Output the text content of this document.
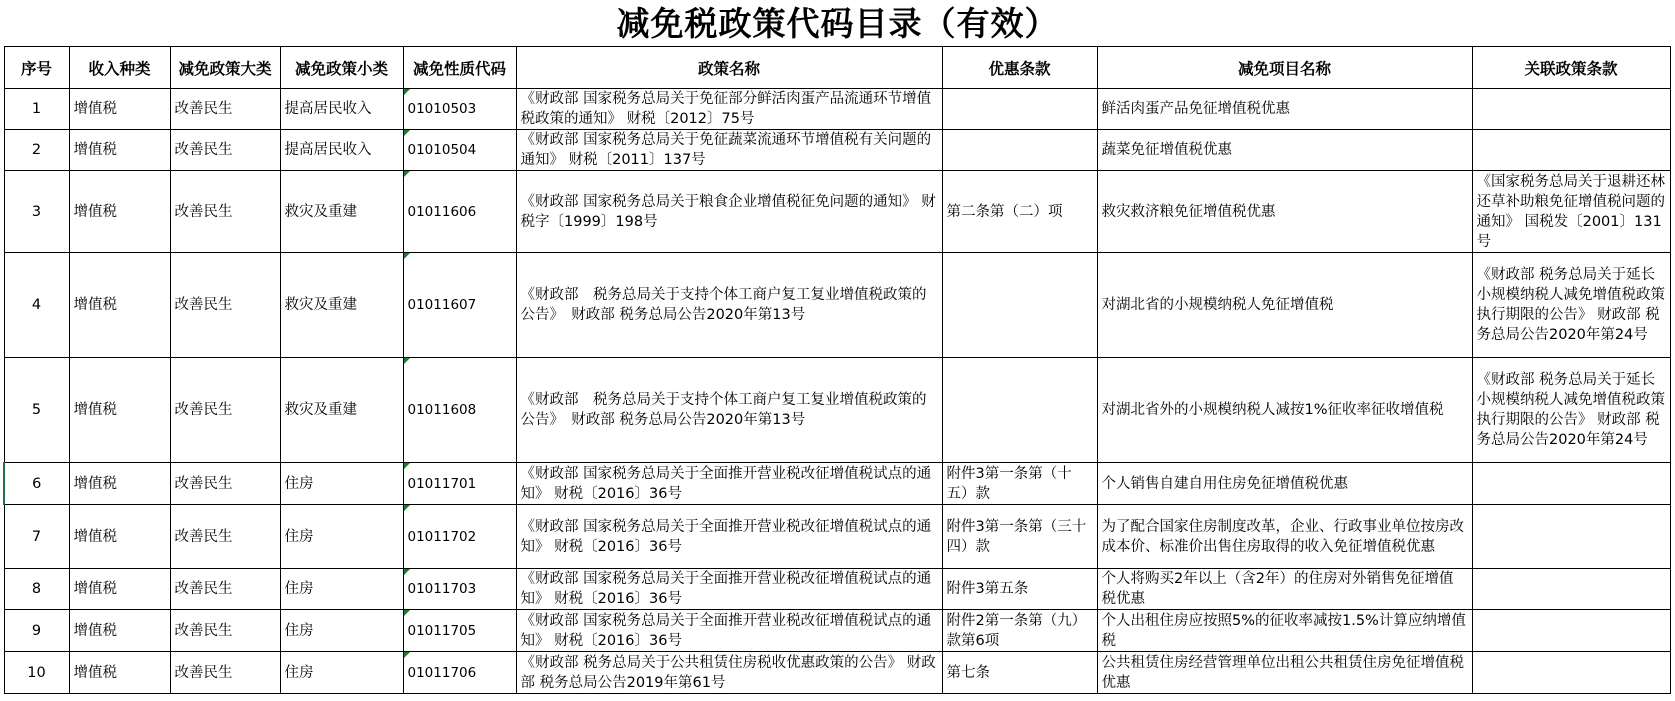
减免税政策代码目录（有效）
序号	收入种类	减免政策大类	减免政策小类	减免性质代码	政策名称	优惠条款	减免项目名称	关联政策条款
1	增值税	改善民生	提高居民收入	01010503	《财政部 国家税务总局关于免征部分鲜活肉蛋产品流通环节增值税政策的通知》 财税〔2012〕75号		鲜活肉蛋产品免征增值税优惠	
2	增值税	改善民生	提高居民收入	01010504	《财政部 国家税务总局关于免征蔬菜流通环节增值税有关问题的通知》 财税〔2011〕137号		蔬菜免征增值税优惠	
3	增值税	改善民生	救灾及重建	01011606	《财政部 国家税务总局关于粮食企业增值税征免问题的通知》 财税字〔1999〕198号	第二条第（二）项	救灾救济粮免征增值税优惠	《国家税务总局关于退耕还林还草补助粮免征增值税问题的通知》 国税发〔2001〕131号
4	增值税	改善民生	救灾及重建	01011607	《财政部　税务总局关于支持个体工商户复工复业增值税政策的公告》　财政部 税务总局公告2020年第13号		对湖北省的小规模纳税人免征增值税	《财政部 税务总局关于延长小规模纳税人减免增值税政策执行期限的公告》 财政部 税务总局公告2020年第24号
5	增值税	改善民生	救灾及重建	01011608	《财政部　税务总局关于支持个体工商户复工复业增值税政策的公告》　财政部 税务总局公告2020年第13号		对湖北省外的小规模纳税人减按1%征收率征收增值税	《财政部 税务总局关于延长小规模纳税人减免增值税政策执行期限的公告》 财政部 税务总局公告2020年第24号
6	增值税	改善民生	住房	01011701	《财政部 国家税务总局关于全面推开营业税改征增值税试点的通知》 财税〔2016〕36号	附件3第一条第（十五）款	个人销售自建自用住房免征增值税优惠	
7	增值税	改善民生	住房	01011702	《财政部 国家税务总局关于全面推开营业税改征增值税试点的通知》 财税〔2016〕36号	附件3第一条第（三十四）款	为了配合国家住房制度改革，企业、行政事业单位按房改成本价、标准价出售住房取得的收入免征增值税优惠	
8	增值税	改善民生	住房	01011703	《财政部 国家税务总局关于全面推开营业税改征增值税试点的通知》 财税〔2016〕36号	附件3第五条	个人将购买2年以上（含2年）的住房对外销售免征增值税优惠	
9	增值税	改善民生	住房	01011705	《财政部 国家税务总局关于全面推开营业税改征增值税试点的通知》 财税〔2016〕36号	附件2第一条第（九）款第6项	个人出租住房应按照5%的征收率减按1.5%计算应纳增值税	
10	增值税	改善民生	住房	01011706	《财政部 税务总局关于公共租赁住房税收优惠政策的公告》 财政部 税务总局公告2019年第61号	第七条	公共租赁住房经营管理单位出租公共租赁住房免征增值税优惠	
